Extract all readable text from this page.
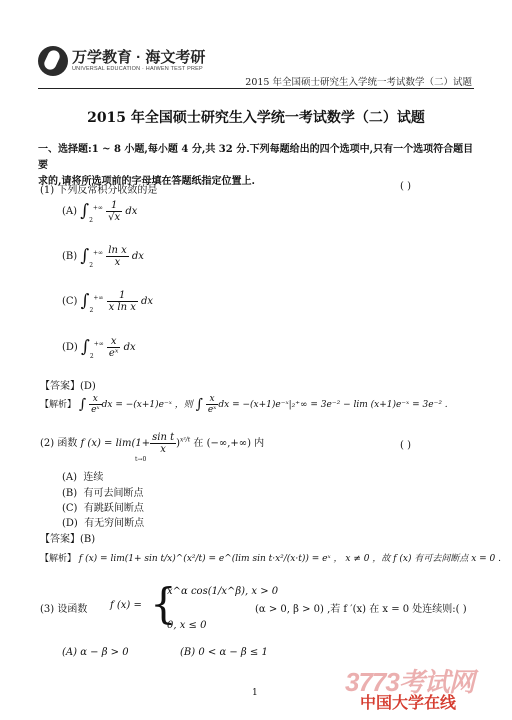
万学教育 · 海文考研
UNIVERSAL EDUCATION · HAIWEN TEST PREP
2015 年全国硕士研究生入学统一考试数学（二）试题
2015 年全国硕士研究生入学统一考试数学（二）试题
一、选择题:1 ~ 8 小题,每小题 4 分,共 32 分.下列每题给出的四个选项中,只有一个选项符合题目要
求的,请将所选项前的字母填在答题纸指定位置上.
(1) 下列反常积分收敛的是	( )
(A) $\int_2^{+\infty} \frac{1}{√x}$ dx
(B) $\int_2^{+\infty} \frac{\text{ln x}}{x}$ dx
(C) $\int_2^{+\infty} \frac{1}{\text{x ln x}}$ dx
(D) $\int_2^{+\infty} \frac{x}{\text{eˣ}}$ dx
【答案】(D)
【解析】 ∫ $\frac{x}{\text{eˣ}}$ dx = −(x+1)e⁻ˣ ，则 ∫ $\frac{x}{\text{eˣ}}$ dx = −(x+1)e⁻ˣ|₂⁺∞ = 3e⁻² − lim (x+1)e⁻ˣ = 3e⁻² .
(2) 函数 f $(x) = \lim(1+ \frac{\text{sin t}}{x} )^{x^2/t}$ 在 (−∞,+∞) 内
t→0
( )
(A) 连续
(B) 有可去间断点
(C) 有跳跃间断点
(D) 有无穷间断点
【答案】(B)
【解析】 f (x) = lim(1+ sin t/x)^(x²/t) = e^(lim sin t·x²/(x·t)) = eˣ ， x ≠ 0 ，故 f (x) 有可去间断点 x = 0 .
(3) 设函数 f (x) = {
x^α cos(1/x^β), x > 0
0, x ≤ 0
(α > 0, β > 0) ,若 f ′(x) 在 x = 0 处连续则:( )
(A) α − β > 0	(B) 0 < α − β ≤ 1
1	3773考试网
中国大学在线
